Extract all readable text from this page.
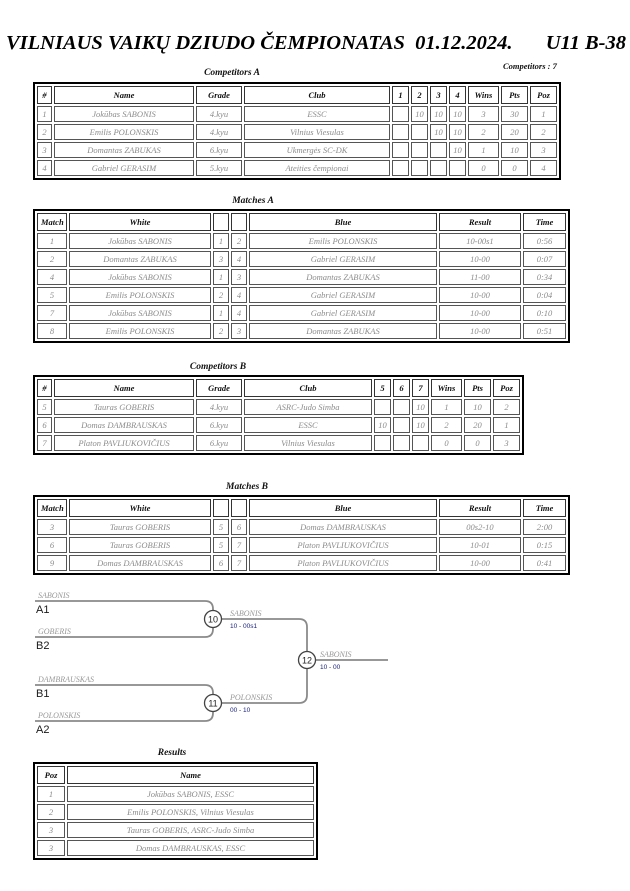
VILNIAUS VAIKŲ DZIUDO ČEMPIONATAS  01.12.2024. U11 B-38
Competitors : 7
Competitors A
#	Name	Grade	Club	1	2	3	4	Wins	Pts	Poz
1	Jokūbas SABONIS	4.kyu	ESSC		10	10	10	3	30	1
2	Emilis POLONSKIS	4.kyu	Vilnius Viesulas			10	10	2	20	2
3	Domantas ZABUKAS	6.kyu	Ukmergės SC-DK				10	1	10	3
4	Gabriel GERASIM	5.kyu	Ateities čempionai					0	0	4
Matches A
Match	White			Blue	Result	Time
1	Jokūbas SABONIS	1	2	Emilis POLONSKIS	10-00s1	0:56
2	Domantas ZABUKAS	3	4	Gabriel GERASIM	10-00	0:07
4	Jokūbas SABONIS	1	3	Domantas ZABUKAS	11-00	0:34
5	Emilis POLONSKIS	2	4	Gabriel GERASIM	10-00	0:04
7	Jokūbas SABONIS	1	4	Gabriel GERASIM	10-00	0:10
8	Emilis POLONSKIS	2	3	Domantas ZABUKAS	10-00	0:51
Competitors B
#	Name	Grade	Club	5	6	7	Wins	Pts	Poz
5	Tauras GOBERIS	4.kyu	ASRC-Judo Simba			10	1	10	2
6	Domas DAMBRAUSKAS	6.kyu	ESSC	10		10	2	20	1
7	Platon PAVLIUKOVIČIUS	6.kyu	Vilnius Viesulas				0	0	3
Matches B
Match	White			Blue	Result	Time
3	Tauras GOBERIS	5	6	Domas DAMBRAUSKAS	00s2-10	2:00
6	Tauras GOBERIS	5	7	Platon PAVLIUKOVIČIUS	10-01	0:15
9	Domas DAMBRAUSKAS	6	7	Platon PAVLIUKOVIČIUS	10-00	0:41
SABONIS
A1
GOBERIS
B2
DAMBRAUSKAS
B1
POLONSKIS
A2
10
SABONIS
10 - 00s1
11
POLONSKIS
00 - 10
12
SABONIS
10 - 00
Results
Poz	Name
1	Jokūbas SABONIS, ESSC
2	Emilis POLONSKIS, Vilnius Viesulas
3	Tauras GOBERIS, ASRC-Judo Simba
3	Domas DAMBRAUSKAS, ESSC
